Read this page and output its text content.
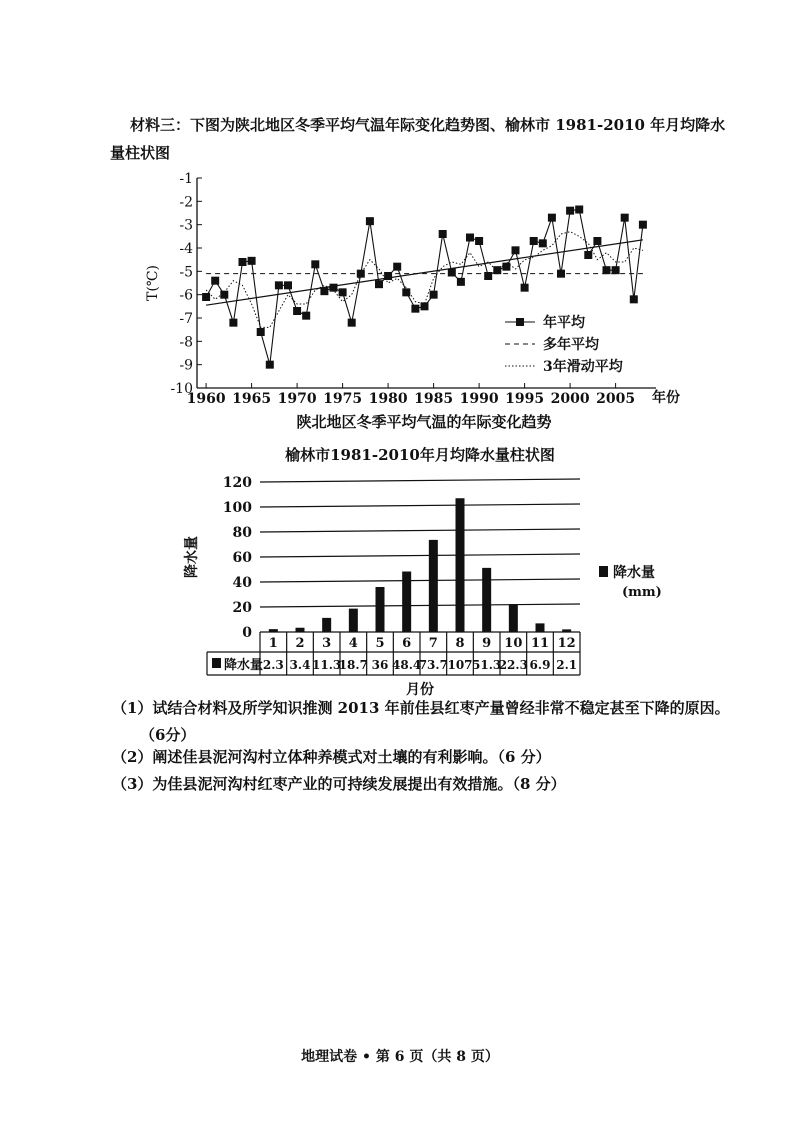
材料三：下图为陕北地区冬季平均气温年际变化趋势图、榆林市 1981-2010 年月均降水
量柱状图
-1
-2
-3
-4
-5
-6
-7
-8
-9
-10
1960 1965 1970 1975 1980 1985 1990 1995 2000 2005 年份
T(℃)
年平均
多年平均
3年滑动平均
陕北地区冬季平均气温的年际变化趋势
榆林市1981-2010年月均降水量柱状图
0
20
40
60
80
100
120
降水量
1
2.3
2
3.4
3
11.3
4
18.7
5
36
6
48.4
7
73.7
8
107
9
51.3
10
22.3
11
6.9
12
2.1
降水量
月份
降水量
(mm)
（1）试结合材料及所学知识推测 2013 年前佳县红枣产量曾经非常不稳定甚至下降的原因。
（6分）
（2）阐述佳县泥河沟村立体种养模式对土壤的有利影响。（6 分）
（3）为佳县泥河沟村红枣产业的可持续发展提出有效措施。（8 分）
地理试卷 • 第 6 页（共 8 页）
